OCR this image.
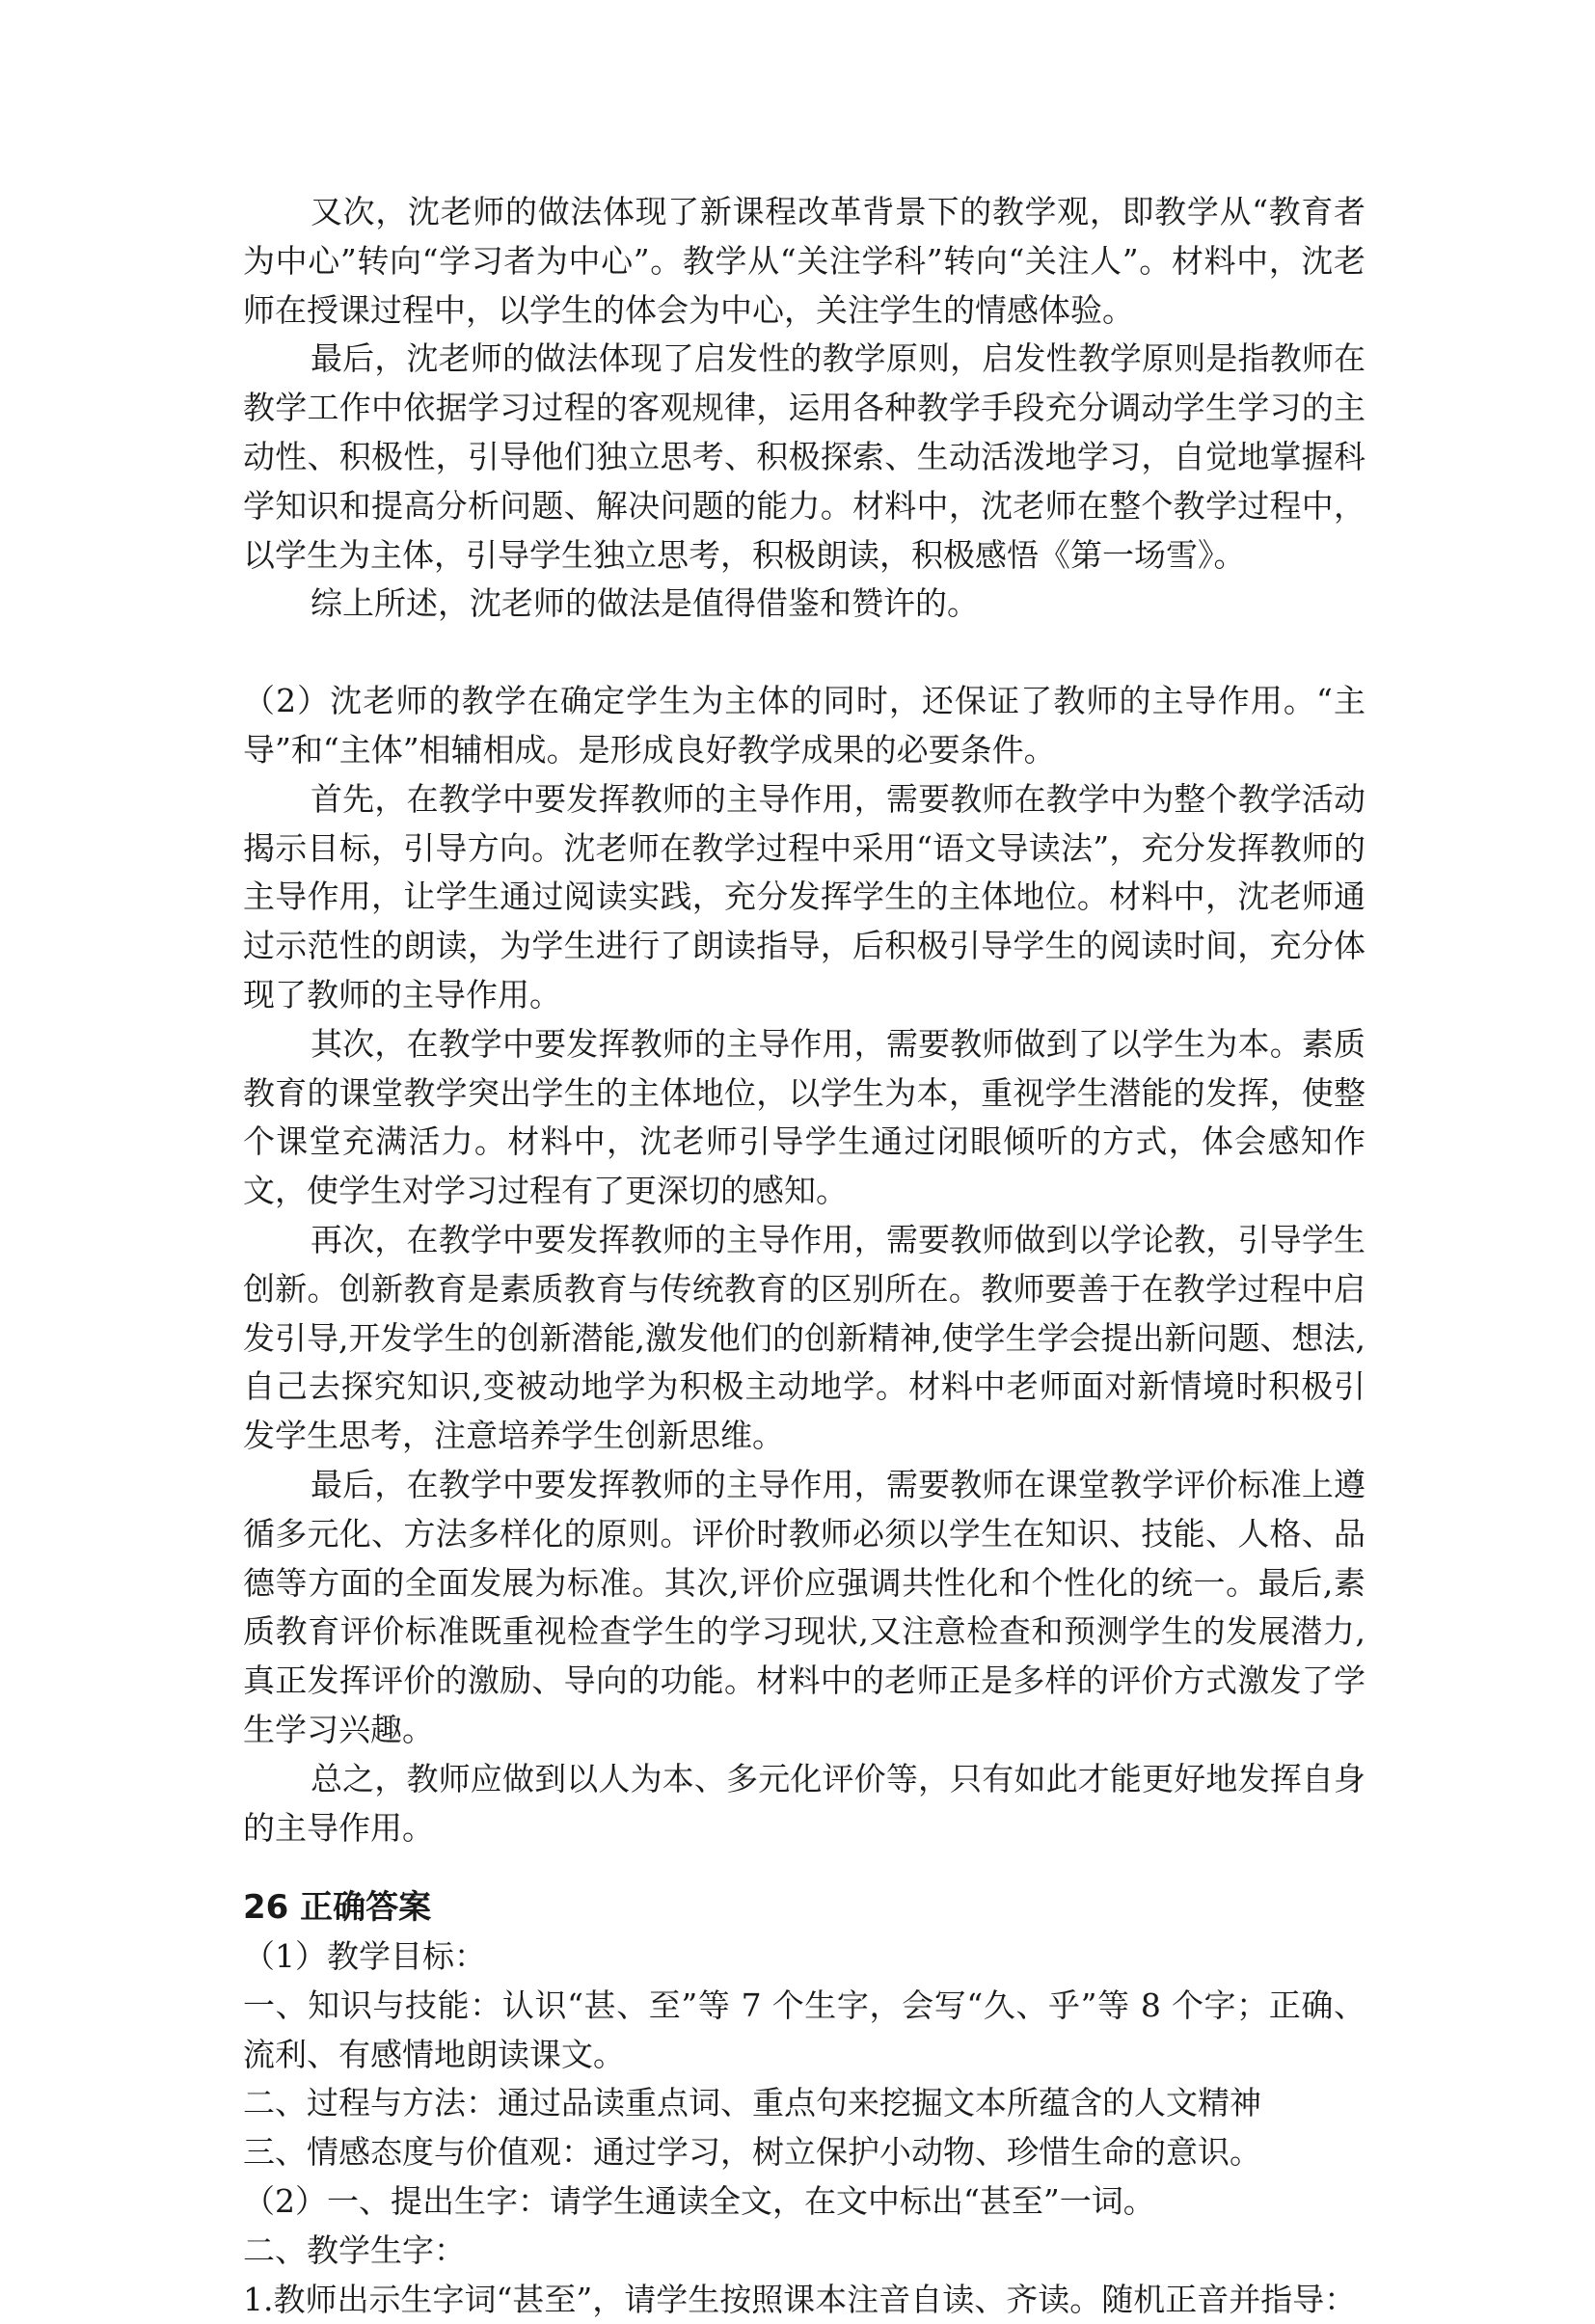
又次，沈老师的做法体现了新课程改革背景下的教学观，即教学从“教育者为中心”转向“学习者为中心”。教学从“关注学科”转向“关注人”。材料中，沈老师在授课过程中，以学生的体会为中心，关注学生的情感体验。

最后，沈老师的做法体现了启发性的教学原则，启发性教学原则是指教师在教学工作中依据学习过程的客观规律，运用各种教学手段充分调动学生学习的主动性、积极性，引导他们独立思考、积极探索、生动活泼地学习，自觉地掌握科学知识和提高分析问题、解决问题的能力。材料中，沈老师在整个教学过程中，以学生为主体，引导学生独立思考，积极朗读，积极感悟《第一场雪》。

综上所述，沈老师的做法是值得借鉴和赞许的。

（2）沈老师的教学在确定学生为主体的同时，还保证了教师的主导作用。“主导”和“主体”相辅相成。是形成良好教学成果的必要条件。

首先，在教学中要发挥教师的主导作用，需要教师在教学中为整个教学活动揭示目标，引导方向。沈老师在教学过程中采用“语文导读法”，充分发挥教师的主导作用，让学生通过阅读实践，充分发挥学生的主体地位。材料中，沈老师通过示范性的朗读，为学生进行了朗读指导，后积极引导学生的阅读时间，充分体现了教师的主导作用。

其次，在教学中要发挥教师的主导作用，需要教师做到了以学生为本。素质教育的课堂教学突出学生的主体地位，以学生为本，重视学生潜能的发挥，使整个课堂充满活力。材料中，沈老师引导学生通过闭眼倾听的方式，体会感知作文，使学生对学习过程有了更深切的感知。

再次，在教学中要发挥教师的主导作用，需要教师做到以学论教，引导学生创新。创新教育是素质教育与传统教育的区别所在。教师要善于在教学过程中启发引导,开发学生的创新潜能,激发他们的创新精神,使学生学会提出新问题、想法,自己去探究知识,变被动地学为积极主动地学。材料中老师面对新情境时积极引发学生思考，注意培养学生创新思维。

最后，在教学中要发挥教师的主导作用，需要教师在课堂教学评价标准上遵循多元化、方法多样化的原则。评价时教师必须以学生在知识、技能、人格、品德等方面的全面发展为标准。其次,评价应强调共性化和个性化的统一。最后,素质教育评价标准既重视检查学生的学习现状,又注意检查和预测学生的发展潜力,真正发挥评价的激励、导向的功能。材料中的老师正是多样的评价方式激发了学生学习兴趣。

总之，教师应做到以人为本、多元化评价等，只有如此才能更好地发挥自身的主导作用。

26 正确答案

（1）教学目标：

一、知识与技能：认识“甚、至”等 7 个生字，会写“久、乎”等 8 个字；正确、流利、有感情地朗读课文。

二、过程与方法：通过品读重点词、重点句来挖掘文本所蕴含的人文精神

三、情感态度与价值观：通过学习，树立保护小动物、珍惜生命的意识。

（2）一、提出生字：请学生通读全文，在文中标出“甚至”一词。

二、教学生字：

1.教师出示生字词“甚至”，请学生按照课本注音自读、齐读。随机正音并指导：
